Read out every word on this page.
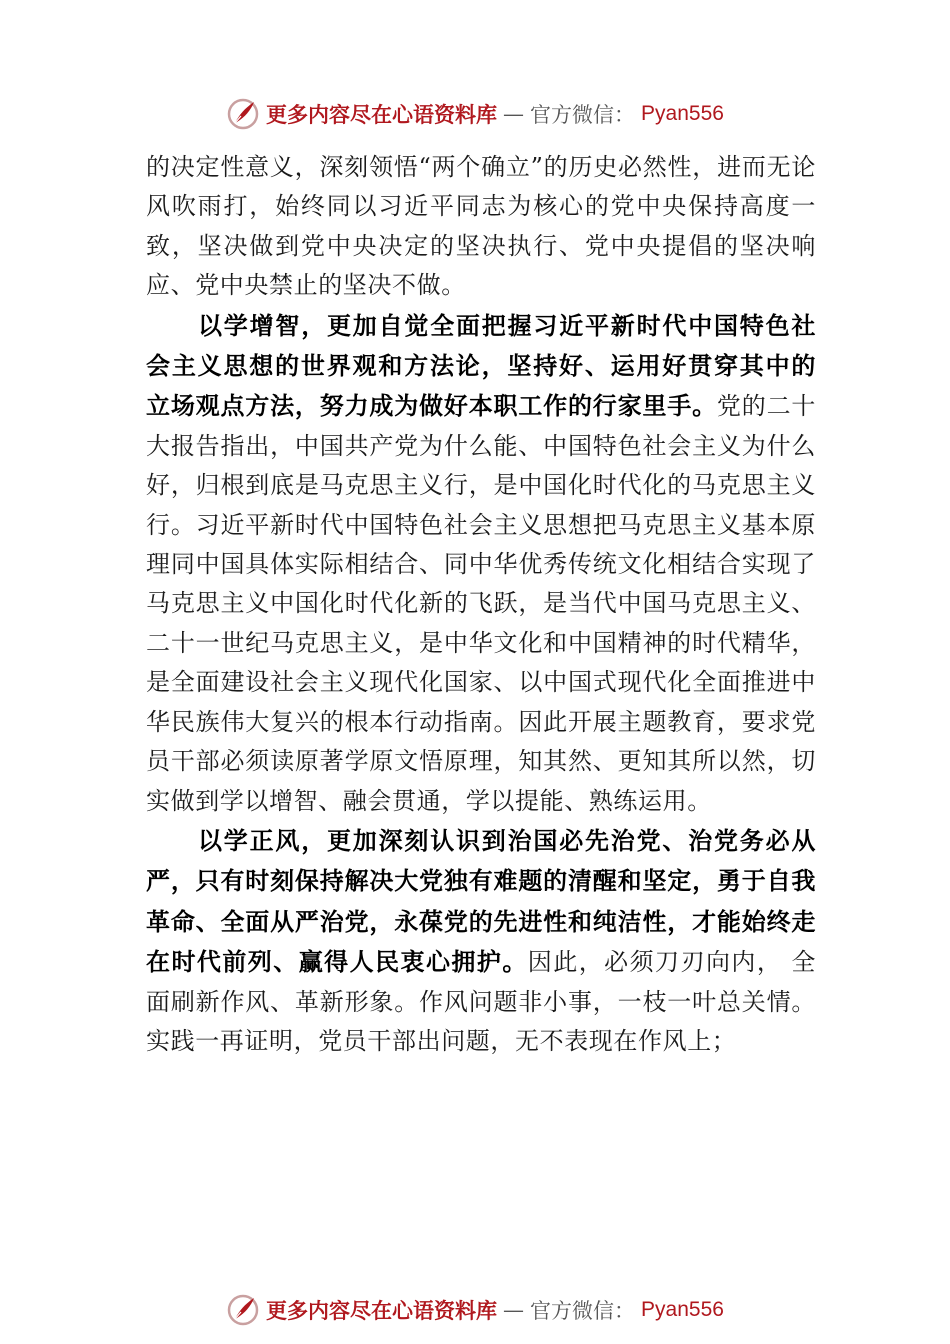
更多内容尽在心语资料库 — 官方微信： Pyan556

的决定性意义，深刻领悟“两个确立”的历史必然性，进而无论风吹雨打，始终同以习近平同志为核心的党中央保持高度一致，坚决做到党中央决定的坚决执行、党中央提倡的坚决响应、党中央禁止的坚决不做。

以学增智，更加自觉全面把握习近平新时代中国特色社 会主义思想的世界观和方法论，坚持好、运用好贯穿其中的 立场观点方法，努力成为做好本职工作的行家里手。党的二十大报告指出，中国共产党为什么能、中国特色社会主义为什么好，归根到底是马克思主义行，是中国化时代化的马克思主义行。习近平新时代中国特色社会主义思想把马克思主义基本原理同中国具体实际相结合、同中华优秀传统文化相结合实现了马克思主义中国化时代化新的飞跃，是当代中国马克思主义、二十一世纪马克思主义，是中华文化和中国精神的时代精华，是全面建设社会主义现代化国家、以中国式现代化全面推进中华民族伟大复兴的根本行动指南。因此开展主题教育，要求党员干部必须读原著学原文悟原理，知其然、更知其所以然，切实做到学以增智、融会贯通，学以提能、熟练运用。

以学正风，更加深刻认识到治国必先治党、治党务必从严，只有时刻保持解决大党独有难题的清醒和坚定，勇于自我革命、全面从严治党，永葆党的先进性和纯洁性，才能始终走在时代前列、赢得人民衷心拥护。因此，必须刀刃向内， 全面刷新作风、革新形象。作风问题非小事，一枝一叶总关情。实践一再证明，党员干部出问题，无不表现在作风上；

更多内容尽在心语资料库 — 官方微信： Pyan556
